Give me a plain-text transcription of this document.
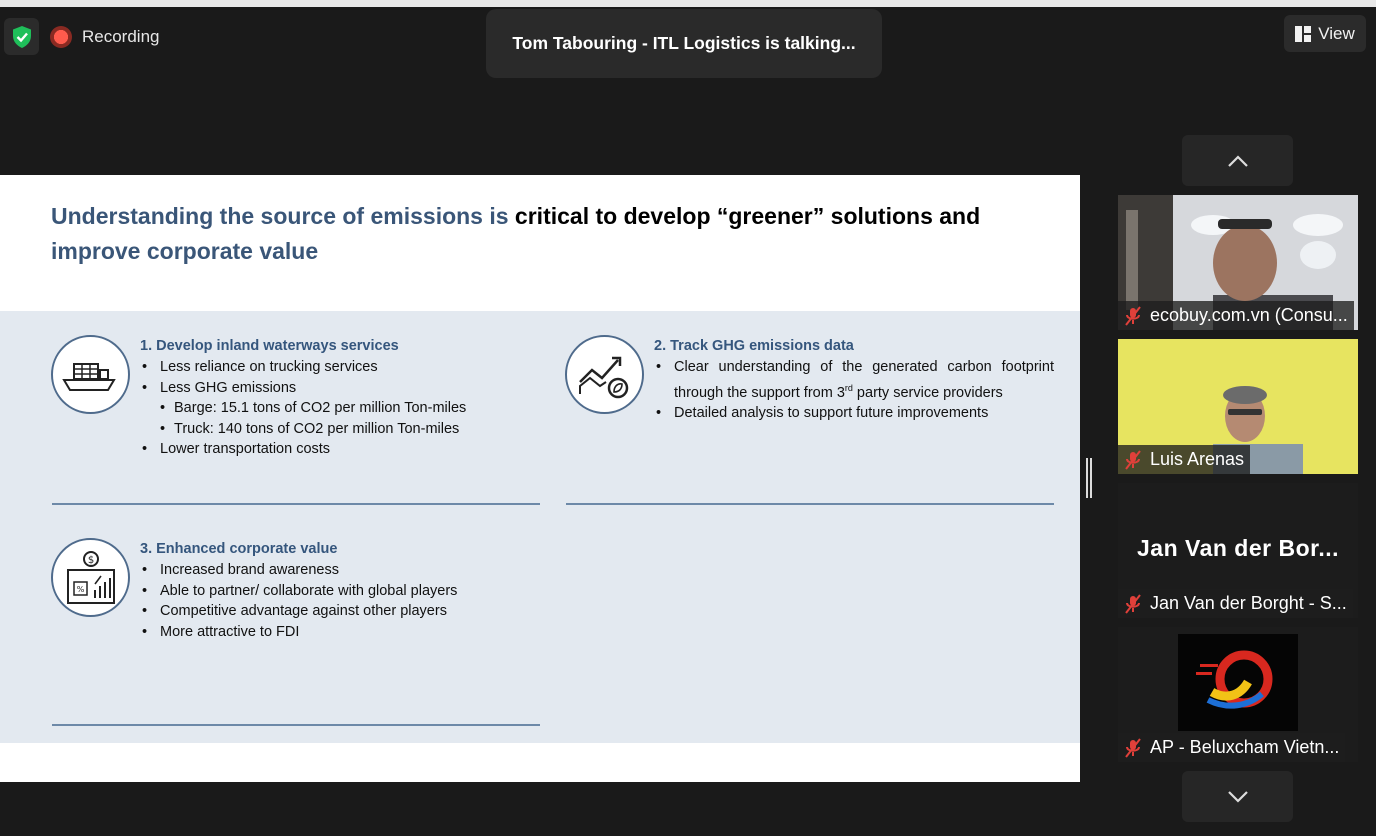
Recording	Tom Tabouring - ITL Logistics is talking...	View
Understanding the source of emissions is critical to develop “greener” solutions and
improve corporate value
1. Develop inland waterways services
• Less reliance on trucking services
• Less GHG emissions
• Barge: 15.1 tons of CO2 per million Ton-miles
• Truck: 140 tons of CO2 per million Ton-miles
• Lower transportation costs
2. Track GHG emissions data
• Clear understanding of the generated carbon footprint through the support from 3rd party service providers
• Detailed analysis to support future improvements
$
%
3. Enhanced corporate value
• Increased brand awareness
• Able to partner/ collaborate with global players
• Competitive advantage against other players
• More attractive to FDI
ecobuy.com.vn (Consu...
Luis Arenas
Jan Van der Bor...
Jan Van der Borght - S...
AP - Beluxcham Vietn...
